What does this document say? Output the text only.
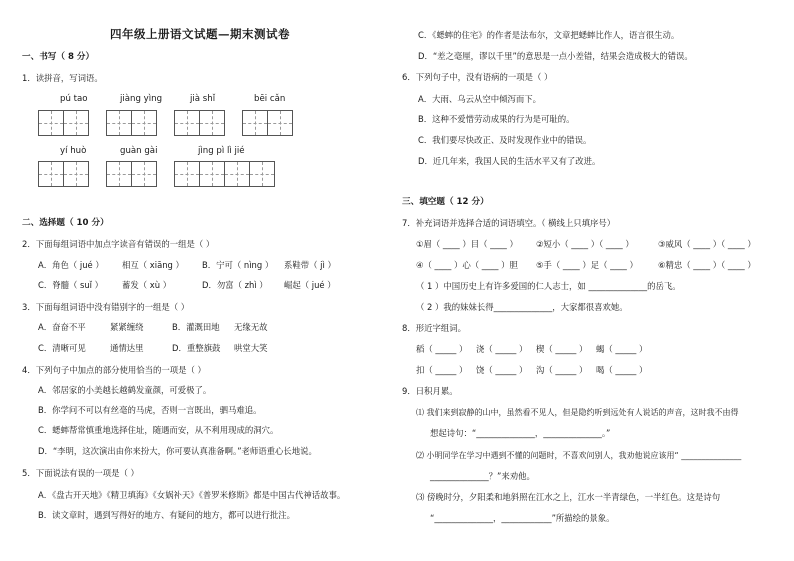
四年级上册语文试题—期末测试卷
一、书写（ 8 分）
1．读拼音，写词语。
pú tao	jiàng yìng	jià shǐ	bēi cǎn
yí huò	guàn gài	jìng pì lì jié
二、选择题（ 10 分）
2．下面每组词语中加点字读音有错误的一组是（ ）
A．角色（ jué ） 相互（ xiāng ） B．宁可（ nìng ） 系鞋带（ jì ）
C．脊髓（ suǐ ） 蓄发（ xù ）	D．勿富（ zhì ） 崛起（ jué ）
3．下面每组词语中没有错别字的一组是（ ）
A．奋奋不平	紧紧缠绕	B．灌溉田地 无缘无故
C．清晰可见	通情达里	D．重整旗鼓 哄堂大笑
4．下列句子中加点的部分使用恰当的一项是（ ）
A．邻居家的小美越长越鹤发童颜，可爱极了。
B．你学问不可以有丝毫的马虎，否则一言既出，驷马难追。
C．蟋蟀帮常慎重地选择住址，随遇而安，从不利用现成的洞穴。
D．“李明，这次演出由你来扮大，你可要认真准备啊。”老师语重心长地说。
5．下面说法有误的一项是（ ）
A．《盘古开天地》《精卫填海》《女娲补天》《普罗米修斯》都是中国古代神话故事。
B．读文章时，遇到写得好的地方、有疑问的地方，都可以进行批注。
C．《蟋蟀的住宅》的作者是法布尔，文章把蟋蟀比作人，语言很生动。
D．“差之毫厘，谬以千里”的意思是一点小差错，结果会造成极大的错误。
6．下列句子中，没有语病的一项是（ ）
A．大雨、乌云从空中倾泻而下。
B．这种不爱惜劳动成果的行为是可耻的。
C．我们要尽快改正、及时发现作业中的错误。
D．近几年来，我国人民的生活水平又有了改进。
三、填空题（ 12 分）
7．补充词语并选择合适的词语填空。（ 横线上只填序号）
①眉（ ____ ）目（ ____ ） ②短小（ ____ ）（ ____ ）	③威风（ ____ ）（ ____ ）
④（ ____ ）心（ ____ ）胆 ⑤手（ ____ ）足（ ____ ） ⑥精忠（ ____ ）（ ____ ）
（ 1 ）中国历史上有许多爱国的仁人志士，如 ______________的岳飞。
（ 2 ）我的妹妹长得______________，大家都很喜欢她。
8．形近字组词。
稻（ _____ ） 浇（ _____ ） 楔（ _____ ） 蝎（ _____ ）
扣（ _____ ） 饶（ _____ ） 沟（ _____ ） 喝（ _____ ）
9．日积月累。
⑴ 我们来到寂静的山中，虽然看不见人，但是隐约听到远处有人说话的声音，这时我不由得
想起诗句：“______________，______________。”
⑵ 小明同学在学习中遇到不懂的问题时，不喜欢问别人，我劝他说应该用“ _______________
______________？”来劝他。
⑶ 傍晚时分，夕阳柔和地斜照在江水之上，江水一半青绿色，一半红色。这是诗句
“______________，____________”所描绘的景象。
